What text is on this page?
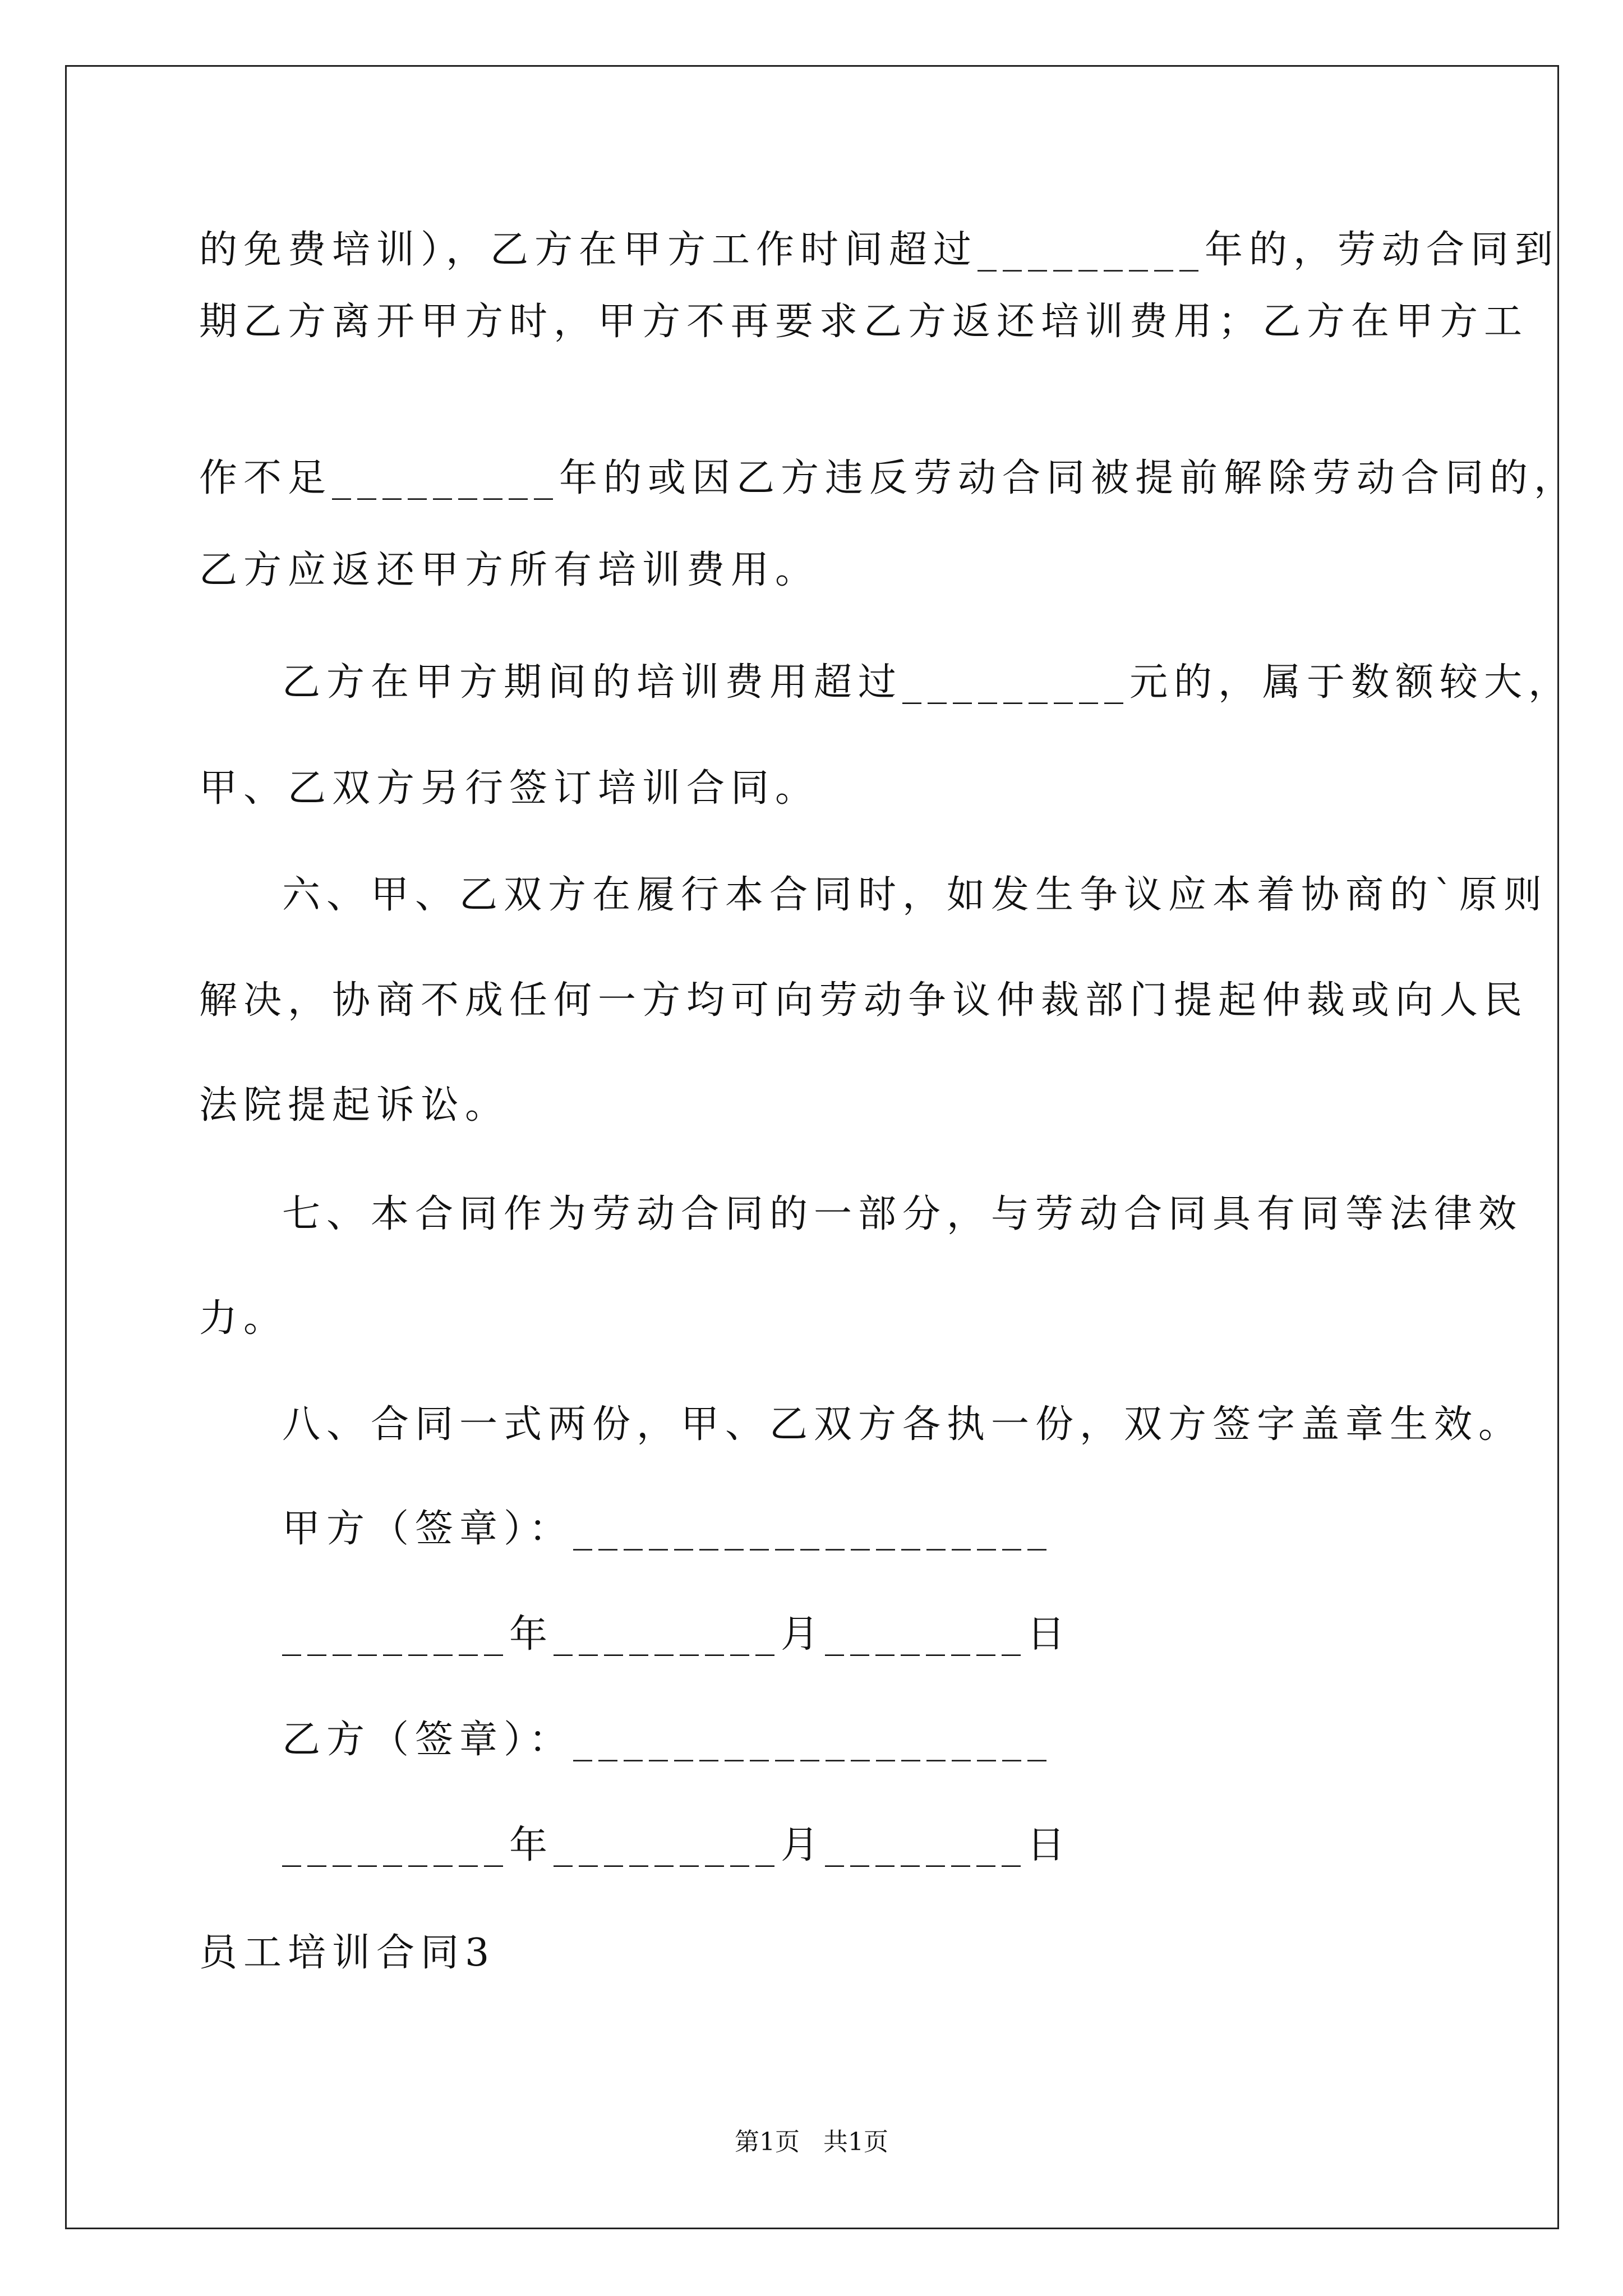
的免费培训），乙方在甲方工作时间超过_________年的，劳动合同到
期乙方离开甲方时，甲方不再要求乙方返还培训费用；乙方在甲方工
作不足_________年的或因乙方违反劳动合同被提前解除劳动合同的，
乙方应返还甲方所有培训费用。
乙方在甲方期间的培训费用超过_________元的，属于数额较大，
甲、乙双方另行签订培训合同。
六、甲、乙双方在履行本合同时，如发生争议应本着协商的`原则
解决，协商不成任何一方均可向劳动争议仲裁部门提起仲裁或向人民
法院提起诉讼。
七、本合同作为劳动合同的一部分，与劳动合同具有同等法律效
力。
八、合同一式两份，甲、乙双方各执一份，双方签字盖章生效。
甲方（签章）：___________________
_________年_________月________日
乙方（签章）：___________________
_________年_________月________日
员工培训合同3
第1页   共1页
